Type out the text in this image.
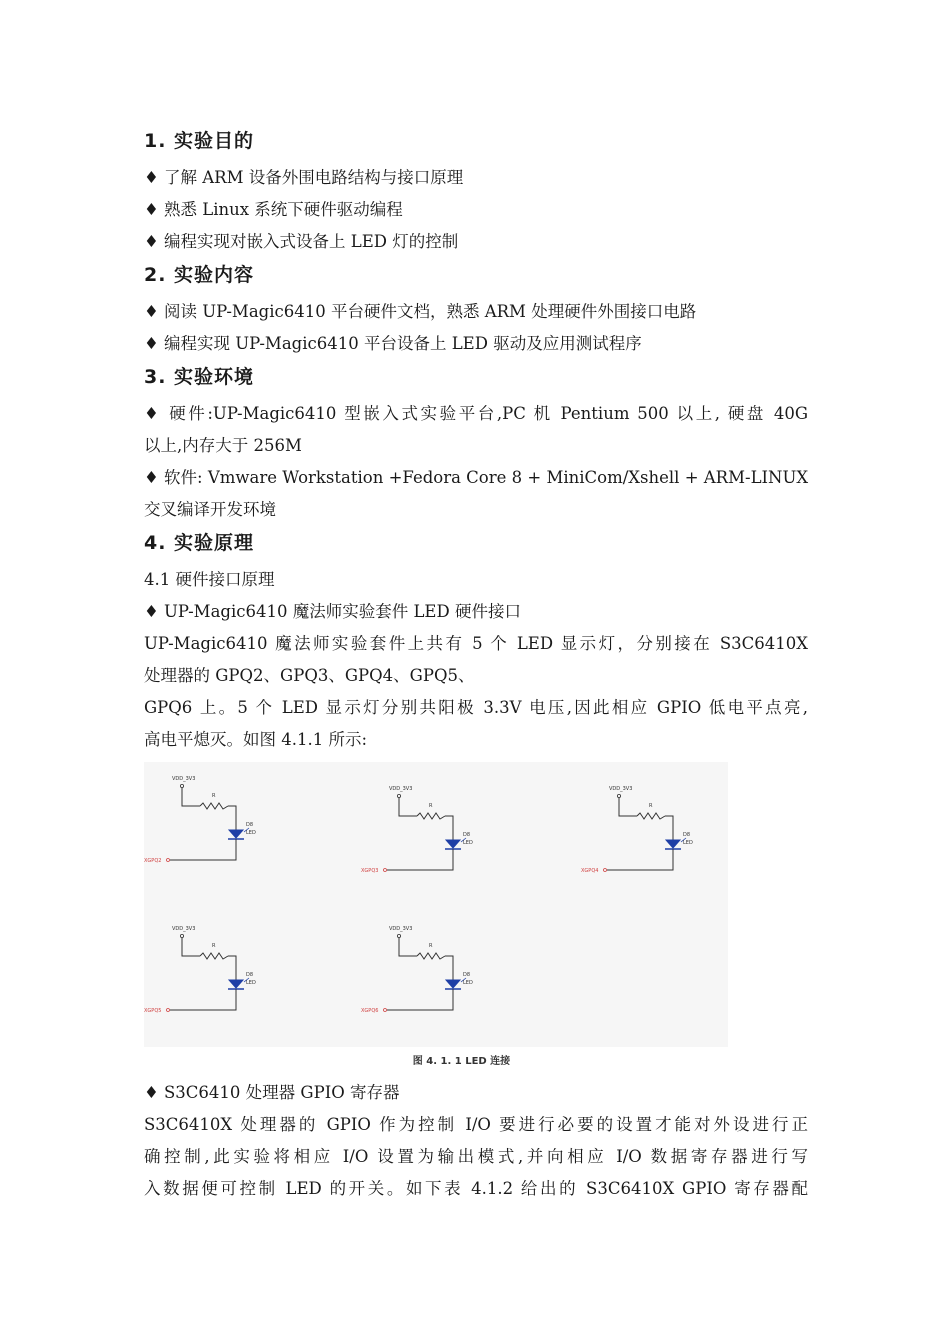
1. 实验目的
♦ 了解 ARM 设备外围电路结构与接口原理
♦ 熟悉 Linux 系统下硬件驱动编程
♦ 编程实现对嵌入式设备上 LED 灯的控制
2. 实验内容
♦ 阅读 UP-Magic6410 平台硬件文档，熟悉 ARM 处理硬件外围接口电路
♦ 编程实现 UP-Magic6410 平台设备上 LED 驱动及应用测试程序
3. 实验环境
♦ 硬件:UP-Magic6410 型嵌入式实验平台,PC 机 Pentium 500 以上, 硬盘 40G
以上,内存大于 256M
♦ 软件: Vmware Workstation +Fedora Core 8 + MiniCom/Xshell + ARM-LINUX
交叉编译开发环境
4. 实验原理
4.1 硬件接口原理
♦ UP-Magic6410 魔法师实验套件 LED 硬件接口
UP-Magic6410 魔法师实验套件上共有 5 个 LED 显示灯，分别接在 S3C6410X
处理器的 GPQ2、GPQ3、GPQ4、GPQ5、
GPQ6 上。5 个 LED 显示灯分别共阳极 3.3V 电压,因此相应 GPIO 低电平点亮,
高电平熄灭。如图 4.1.1 所示:
VDD_3V3
R
D8
LED
XGPQ2
VDD_3V3
R
D8
LED
XGPQ3
VDD_3V3
R
D8
LED
XGPQ4
VDD_3V3
R
D8
LED
XGPQ5
VDD_3V3
R
D8
LED
XGPQ6
图 4. 1. 1 LED 连接
♦ S3C6410 处理器 GPIO 寄存器
S3C6410X 处理器的 GPIO 作为控制 I/O 要进行必要的设置才能对外设进行正
确控制,此实验将相应 I/O 设置为输出模式,并向相应 I/O 数据寄存器进行写
入数据便可控制 LED 的开关。如下表 4.1.2 给出的 S3C6410X GPIO 寄存器配
